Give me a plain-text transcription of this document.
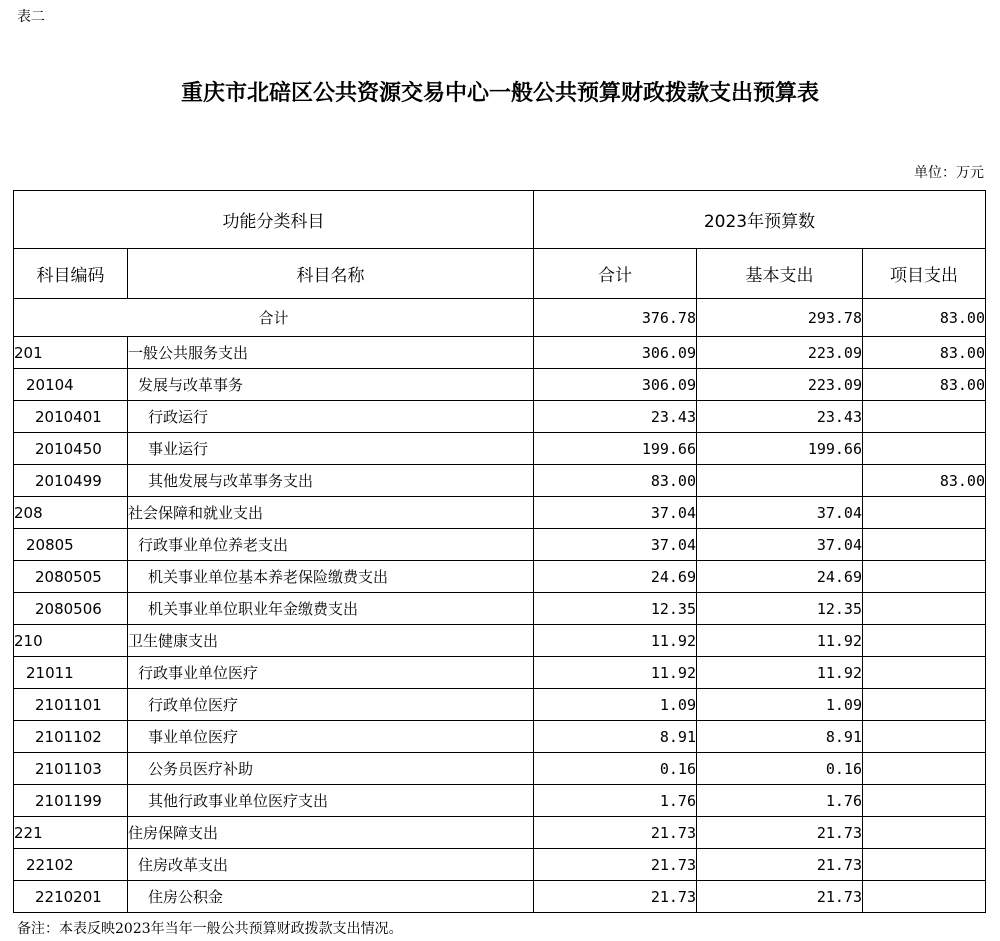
表二
重庆市北碚区公共资源交易中心一般公共预算财政拨款支出预算表
单位：万元
功能分类科目		2023年预算数		
科目编码	科目名称	合计	基本支出	项目支出
合计		376.78	293.78	83.00
201	一般公共服务支出	306.09	223.09	83.00
20104	发展与改革事务	306.09	223.09	83.00
2010401	行政运行	23.43	23.43	
2010450	事业运行	199.66	199.66	
2010499	其他发展与改革事务支出	83.00		83.00
208	社会保障和就业支出	37.04	37.04	
20805	行政事业单位养老支出	37.04	37.04	
2080505	机关事业单位基本养老保险缴费支出	24.69	24.69	
2080506	机关事业单位职业年金缴费支出	12.35	12.35	
210	卫生健康支出	11.92	11.92	
21011	行政事业单位医疗	11.92	11.92	
2101101	行政单位医疗	1.09	1.09	
2101102	事业单位医疗	8.91	8.91	
2101103	公务员医疗补助	0.16	0.16	
2101199	其他行政事业单位医疗支出	1.76	1.76	
221	住房保障支出	21.73	21.73	
22102	住房改革支出	21.73	21.73	
2210201	住房公积金	21.73	21.73	
备注：本表反映2023年当年一般公共预算财政拨款支出情况。
